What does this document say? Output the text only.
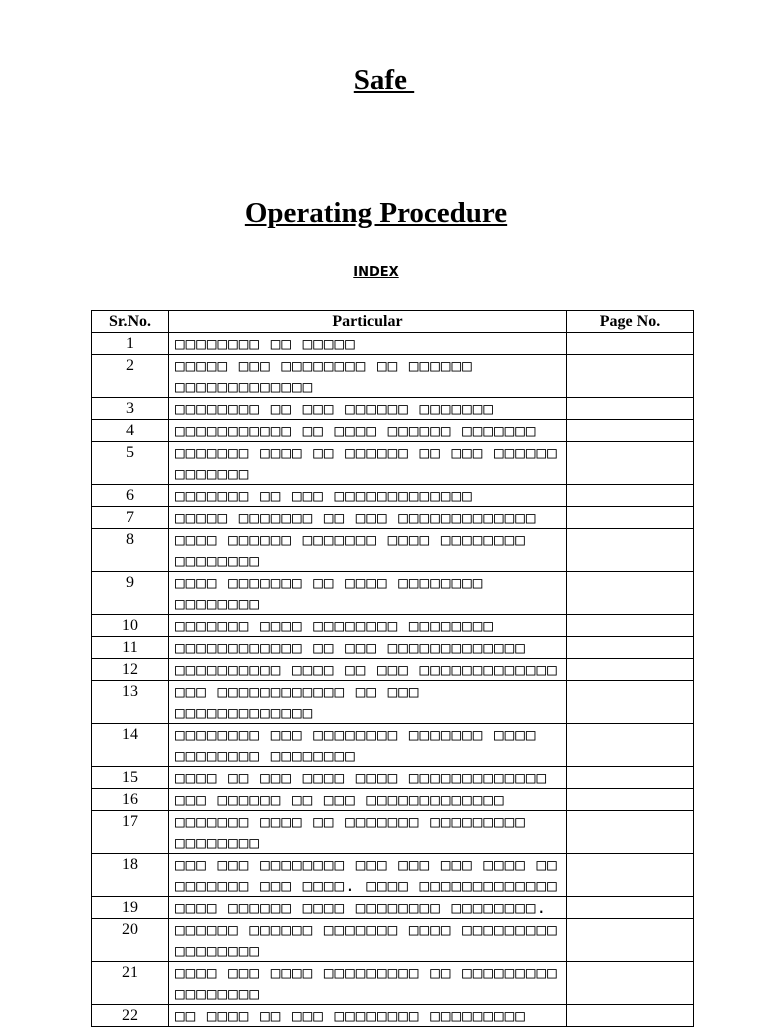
Safe
Operating Procedure
INDEX
Sr.No.	Particular	Page No.
1	□□□□□□□□ □□ □□□□□	
2	□□□□□ □□□ □□□□□□□□ □□ □□□□□□ □□□□□□□□□□□□□	
3	□□□□□□□□ □□ □□□ □□□□□□ □□□□□□□	
4	□□□□□□□□□□□ □□ □□□□ □□□□□□ □□□□□□□	
5	□□□□□□□ □□□□ □□ □□□□□□ □□ □□□ □□□□□□ □□□□□□□	
6	□□□□□□□ □□ □□□ □□□□□□□□□□□□□	
7	□□□□□ □□□□□□□ □□ □□□ □□□□□□□□□□□□□	
8	□□□□ □□□□□□ □□□□□□□ □□□□ □□□□□□□□ □□□□□□□□	
9	□□□□ □□□□□□□ □□ □□□□ □□□□□□□□ □□□□□□□□	
10	□□□□□□□ □□□□ □□□□□□□□ □□□□□□□□	
11	□□□□□□□□□□□□ □□ □□□ □□□□□□□□□□□□□	
12	□□□□□□□□□□ □□□□ □□ □□□ □□□□□□□□□□□□□	
13	□□□ □□□□□□□□□□□□ □□ □□□ □□□□□□□□□□□□□	
14	□□□□□□□□ □□□ □□□□□□□□ □□□□□□□ □□□□ □□□□□□□□ □□□□□□□□	
15	□□□□ □□ □□□ □□□□ □□□□ □□□□□□□□□□□□□	
16	□□□ □□□□□□ □□ □□□ □□□□□□□□□□□□□	
17	□□□□□□□ □□□□ □□ □□□□□□□ □□□□□□□□□ □□□□□□□□	
18	□□□ □□□ □□□□□□□□ □□□ □□□ □□□ □□□□ □□ □□□□□□□ □□□ □□□□. □□□□ □□□□□□□□□□□□□	
19	□□□□ □□□□□□ □□□□ □□□□□□□□ □□□□□□□□.	
20	□□□□□□ □□□□□□ □□□□□□□ □□□□ □□□□□□□□□ □□□□□□□□	
21	□□□□ □□□ □□□□ □□□□□□□□□ □□ □□□□□□□□□ □□□□□□□□	
22	□□ □□□□ □□ □□□ □□□□□□□□ □□□□□□□□□	
